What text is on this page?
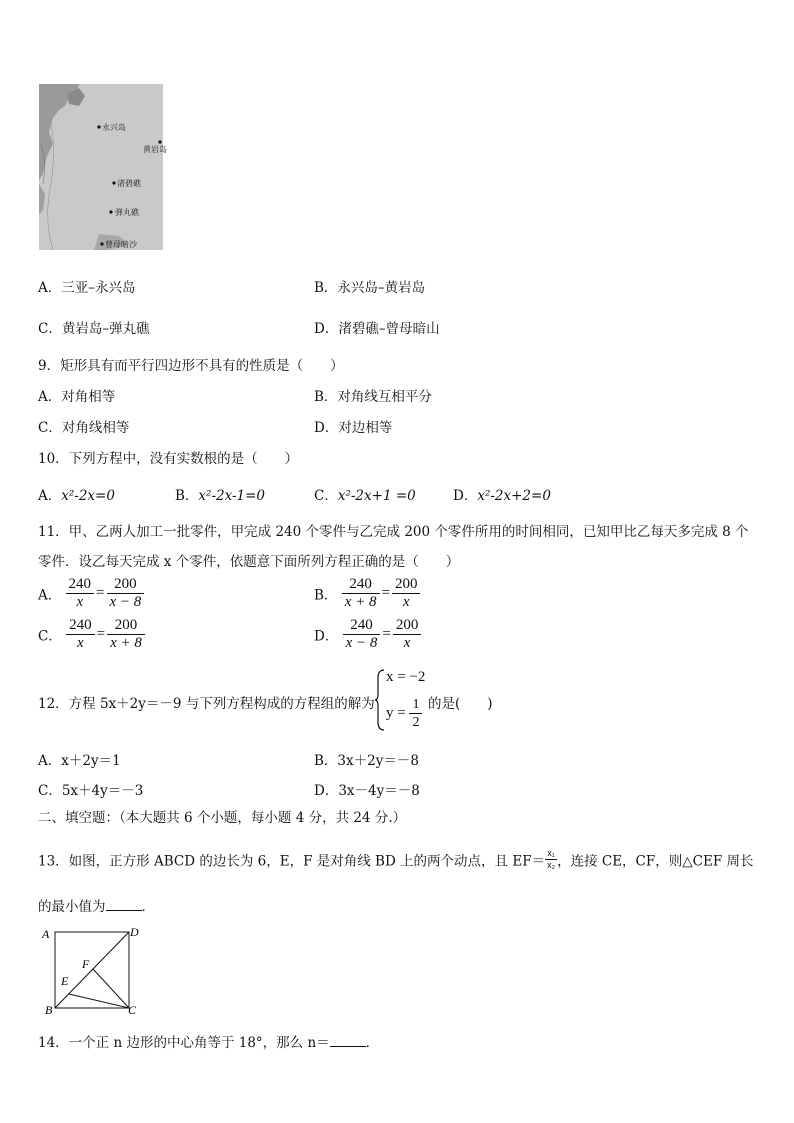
永兴岛
黄岩岛
渚碧礁
弹丸礁
曾母暗沙
A．三亚–永兴岛	B．永兴岛–黄岩岛
C．黄岩岛–弹丸礁	D．渚碧礁–曾母暗山
9．矩形具有而平行四边形不具有的性质是（　　）
A．对角相等	B．对角线互相平分
C．对角线相等	D．对边相等
10．下列方程中，没有实数根的是（　　）
A．x²-2x=0	B．x²-2x-1=0	C．x²-2x+1 =0	D．x²-2x+2=0
11．甲、乙两人加工一批零件，甲完成 240 个零件与乙完成 200 个零件所用的时间相同，已知甲比乙每天多完成 8 个
零件．设乙每天完成 x 个零件，依题意下面所列方程正确的是（　　）
A． $\frac{240}{x} = \frac{200}{x - 8}$	B． $\frac{240}{x + 8} = \frac{200}{x}$
C． $\frac{240}{x} = \frac{200}{x + 8}$	D． $\frac{240}{x - 8} = \frac{200}{x}$
12．方程 5x＋2y＝－9 与下列方程构成的方程组的解为
x = −2
$y = \frac{1}{2}$ 的是(　　)
A．x＋2y＝1	B．3x＋2y＝－8
C．5x＋4y＝－3	D．3x－4y＝－8
二、填空题：（本大题共 6 个小题，每小题 4 分，共 24 分.）
13．如图，正方形 ABCD 的边长为 6，E，F 是对角线 BD 上的两个动点，且 $EF= \frac{\text{x₁}}{\text{x₂}}$ ，连接 CE，CF，则△CEF 周长
的最小值为	．
A	D
B	C
E
F
14．一个正 n 边形的中心角等于 18°，那么 n＝	．
